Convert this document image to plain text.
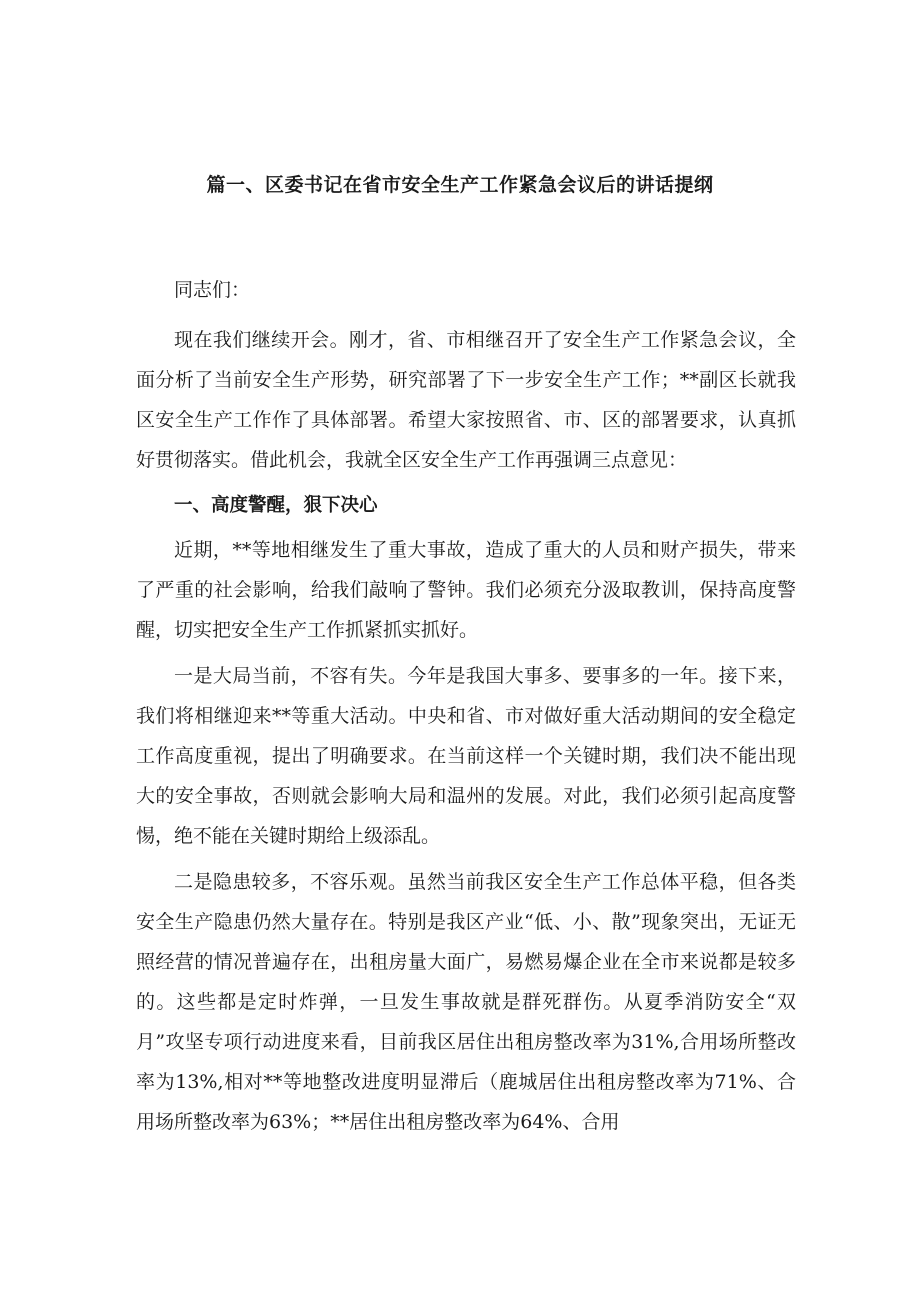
篇一、区委书记在省市安全生产工作紧急会议后的讲话提纲

同志们：

现在我们继续开会。刚才，省、市相继召开了安全生产工作紧急会议，全面分析了当前安全生产形势，研究部署了下一步安全生产工作；**副区长就我区安全生产工作作了具体部署。希望大家按照省、市、区的部署要求，认真抓好贯彻落实。借此机会，我就全区安全生产工作再强调三点意见：

一、高度警醒，狠下决心

近期，**等地相继发生了重大事故，造成了重大的人员和财产损失，带来了严重的社会影响，给我们敲响了警钟。我们必须充分汲取教训，保持高度警醒，切实把安全生产工作抓紧抓实抓好。

一是大局当前，不容有失。今年是我国大事多、要事多的一年。接下来，我们将相继迎来**等重大活动。中央和省、市对做好重大活动期间的安全稳定工作高度重视，提出了明确要求。在当前这样一个关键时期，我们决不能出现大的安全事故，否则就会影响大局和温州的发展。对此，我们必须引起高度警惕，绝不能在关键时期给上级添乱。

二是隐患较多，不容乐观。虽然当前我区安全生产工作总体平稳，但各类安全生产隐患仍然大量存在。特别是我区产业“低、小、散”现象突出，无证无照经营的情况普遍存在，出租房量大面广，易燃易爆企业在全市来说都是较多的。这些都是定时炸弹，一旦发生事故就是群死群伤。从夏季消防安全“双月”攻坚专项行动进度来看，目前我区居住出租房整改率为31%,合用场所整改率为13%,相对**等地整改进度明显滞后（鹿城居住出租房整改率为71%、合用场所整改率为63%；**居住出租房整改率为64%、合用
